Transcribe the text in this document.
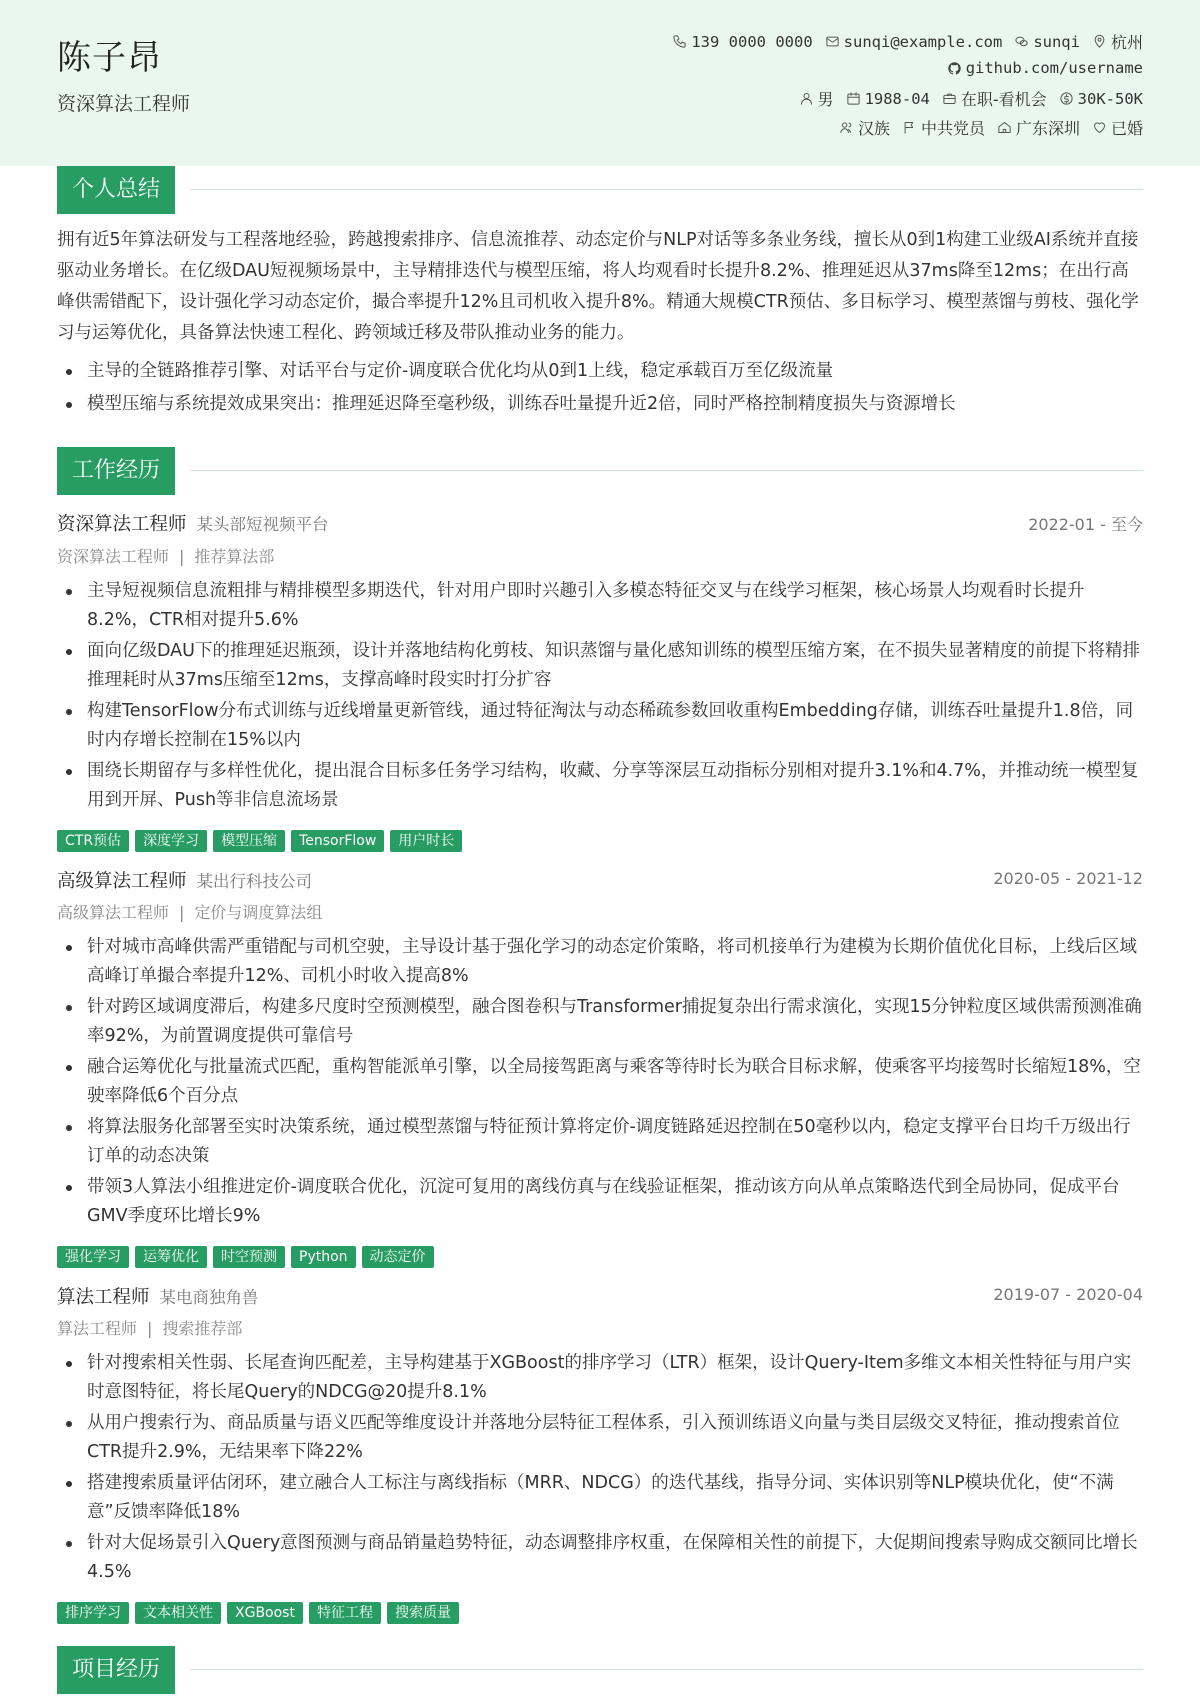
陈子昂
资深算法工程师
139 0000 0000 sunqi@example.com sunqi 杭州
github.com/username
男 1988-04 在职-看机会 30K-50K
汉族 中共党员 广东深圳 已婚
个人总结
拥有近5年算法研发与工程落地经验，跨越搜索排序、信息流推荐、动态定价与NLP对话等多条业务线，擅长从0到1构建工业级AI系统并直接驱动业务增长。在亿级DAU短视频场景中，主导精排迭代与模型压缩，将人均观看时长提升8.2%、推理延迟从37ms降至12ms；在出行高峰供需错配下，设计强化学习动态定价，撮合率提升12%且司机收入提升8%。精通大规模CTR预估、多目标学习、模型蒸馏与剪枝、强化学习与运筹优化，具备算法快速工程化、跨领域迁移及带队推动业务的能力。
主导的全链路推荐引擎、对话平台与定价-调度联合优化均从0到1上线，稳定承载百万至亿级流量
模型压缩与系统提效成果突出：推理延迟降至毫秒级，训练吞吐量提升近2倍，同时严格控制精度损失与资源增长
工作经历
资深算法工程师 某头部短视频平台	2022-01 - 至今
资深算法工程师 | 推荐算法部
主导短视频信息流粗排与精排模型多期迭代，针对用户即时兴趣引入多模态特征交叉与在线学习框架，核心场景人均观看时长提升8.2%，CTR相对提升5.6%
面向亿级DAU下的推理延迟瓶颈，设计并落地结构化剪枝、知识蒸馏与量化感知训练的模型压缩方案，在不损失显著精度的前提下将精排推理耗时从37ms压缩至12ms，支撑高峰时段实时打分扩容
构建TensorFlow分布式训练与近线增量更新管线，通过特征淘汰与动态稀疏参数回收重构Embedding存储，训练吞吐量提升1.8倍，同时内存增长控制在15%以内
围绕长期留存与多样性优化，提出混合目标多任务学习结构，收藏、分享等深层互动指标分别相对提升3.1%和4.7%，并推动统一模型复用到开屏、Push等非信息流场景
CTR预估	深度学习	模型压缩	TensorFlow	用户时长
高级算法工程师 某出行科技公司	2020-05 - 2021-12
高级算法工程师 | 定价与调度算法组
针对城市高峰供需严重错配与司机空驶，主导设计基于强化学习的动态定价策略，将司机接单行为建模为长期价值优化目标，上线后区域高峰订单撮合率提升12%、司机小时收入提高8%
针对跨区域调度滞后，构建多尺度时空预测模型，融合图卷积与Transformer捕捉复杂出行需求演化，实现15分钟粒度区域供需预测准确率92%，为前置调度提供可靠信号
融合运筹优化与批量流式匹配，重构智能派单引擎，以全局接驾距离与乘客等待时长为联合目标求解，使乘客平均接驾时长缩短18%，空驶率降低6个百分点
将算法服务化部署至实时决策系统，通过模型蒸馏与特征预计算将定价-调度链路延迟控制在50毫秒以内，稳定支撑平台日均千万级出行订单的动态决策
带领3人算法小组推进定价-调度联合优化，沉淀可复用的离线仿真与在线验证框架，推动该方向从单点策略迭代到全局协同，促成平台GMV季度环比增长9%
强化学习	运筹优化	时空预测	Python	动态定价
算法工程师 某电商独角兽	2019-07 - 2020-04
算法工程师 | 搜索推荐部
针对搜索相关性弱、长尾查询匹配差，主导构建基于XGBoost的排序学习（LTR）框架，设计Query-Item多维文本相关性特征与用户实时意图特征，将长尾Query的NDCG@20提升8.1%
从用户搜索行为、商品质量与语义匹配等维度设计并落地分层特征工程体系，引入预训练语义向量与类目层级交叉特征，推动搜索首位CTR提升2.9%，无结果率下降22%
搭建搜索质量评估闭环，建立融合人工标注与离线指标（MRR、NDCG）的迭代基线，指导分词、实体识别等NLP模块优化，使“不满意”反馈率降低18%
针对大促场景引入Query意图预测与商品销量趋势特征，动态调整排序权重，在保障相关性的前提下，大促期间搜索导购成交额同比增长4.5%
排序学习	文本相关性	XGBoost	特征工程	搜索质量
项目经历
